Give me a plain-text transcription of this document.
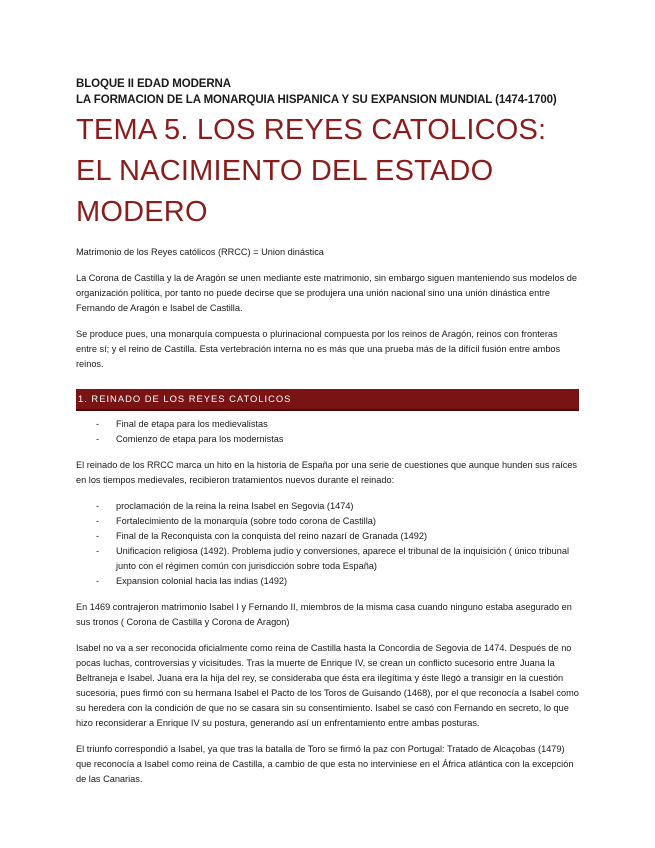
BLOQUE II EDAD MODERNA
LA FORMACION DE LA MONARQUIA HISPANICA Y SU EXPANSION MUNDIAL (1474-1700)
TEMA 5. LOS REYES CATOLICOS: EL NACIMIENTO DEL ESTADO MODERO

Matrimonio de los Reyes católicos (RRCC) = Union dinástica

La Corona de Castilla y la de Aragón se unen mediante este matrimonio, sin embargo siguen manteniendo sus modelos de organización política, por tanto no puede decirse que se produjera una unión nacional sino una unión dinástica entre Fernando de Aragón e Isabel de Castilla.

Se produce pues, una monarquía compuesta o plurinacional compuesta por los reinos de Aragón, reinos con fronteras entre sí; y el reino de Castilla. Esta vertebración interna no es más que una prueba más de la difícil fusión entre ambos reinos.

1. REINADO DE LOS REYES CATOLICOS
- Final de etapa para los medievalistas
- Comienzo de etapa para los modernistas

El reinado de los RRCC marca un hito en la historia de España por una serie de cuestiones que aunque hunden sus raíces en los tiempos medievales, recibieron tratamientos nuevos durante el reinado:

- proclamación de la reina la reina Isabel en Segovia (1474)
- Fortalecimiento de la monarquía (sobre todo corona de Castilla)
- Final de la Reconquista con la conquista del reino nazarí de Granada (1492)
- Unificacion religiosa (1492). Problema judío y conversiones, aparece el tribunal de la inquisición ( único tribunal junto con el régimen común con jurisdicción sobre toda España)
- Expansion colonial hacia las indias (1492)

En 1469 contrajeron matrimonio Isabel I y Fernando II, miembros de la misma casa cuando ninguno estaba asegurado en sus tronos ( Corona de Castilla y Corona de Aragon)

Isabel no va a ser reconocida oficialmente como reina de Castilla hasta la Concordia de Segovia de 1474. Después de no pocas luchas, controversias y vicisitudes. Tras la muerte de Enrique IV, se crean un conflicto sucesorio entre Juana la Beltraneja e Isabel. Juana era la hija del rey, se consideraba que ésta era ilegítima y éste llegó a transigir en la cuestión sucesoria, pues firmó con su hermana Isabel el Pacto de los Toros de Guisando (1468), por el que reconocía a Isabel como su heredera con la condición de que no se casara sin su consentimiento. Isabel se casó con Fernando en secreto, lo que hizo reconsiderar a Enrique IV su postura, generando así un enfrentamiento entre ambas posturas.

El triunfo correspondió a Isabel, ya que tras la batalla de Toro se firmó la paz con Portugal: Tratado de Alcaçobas (1479) que reconocía a Isabel como reina de Castilla, a cambio de que esta no interviniese en el África atlántica con la excepción de las Canarias.
